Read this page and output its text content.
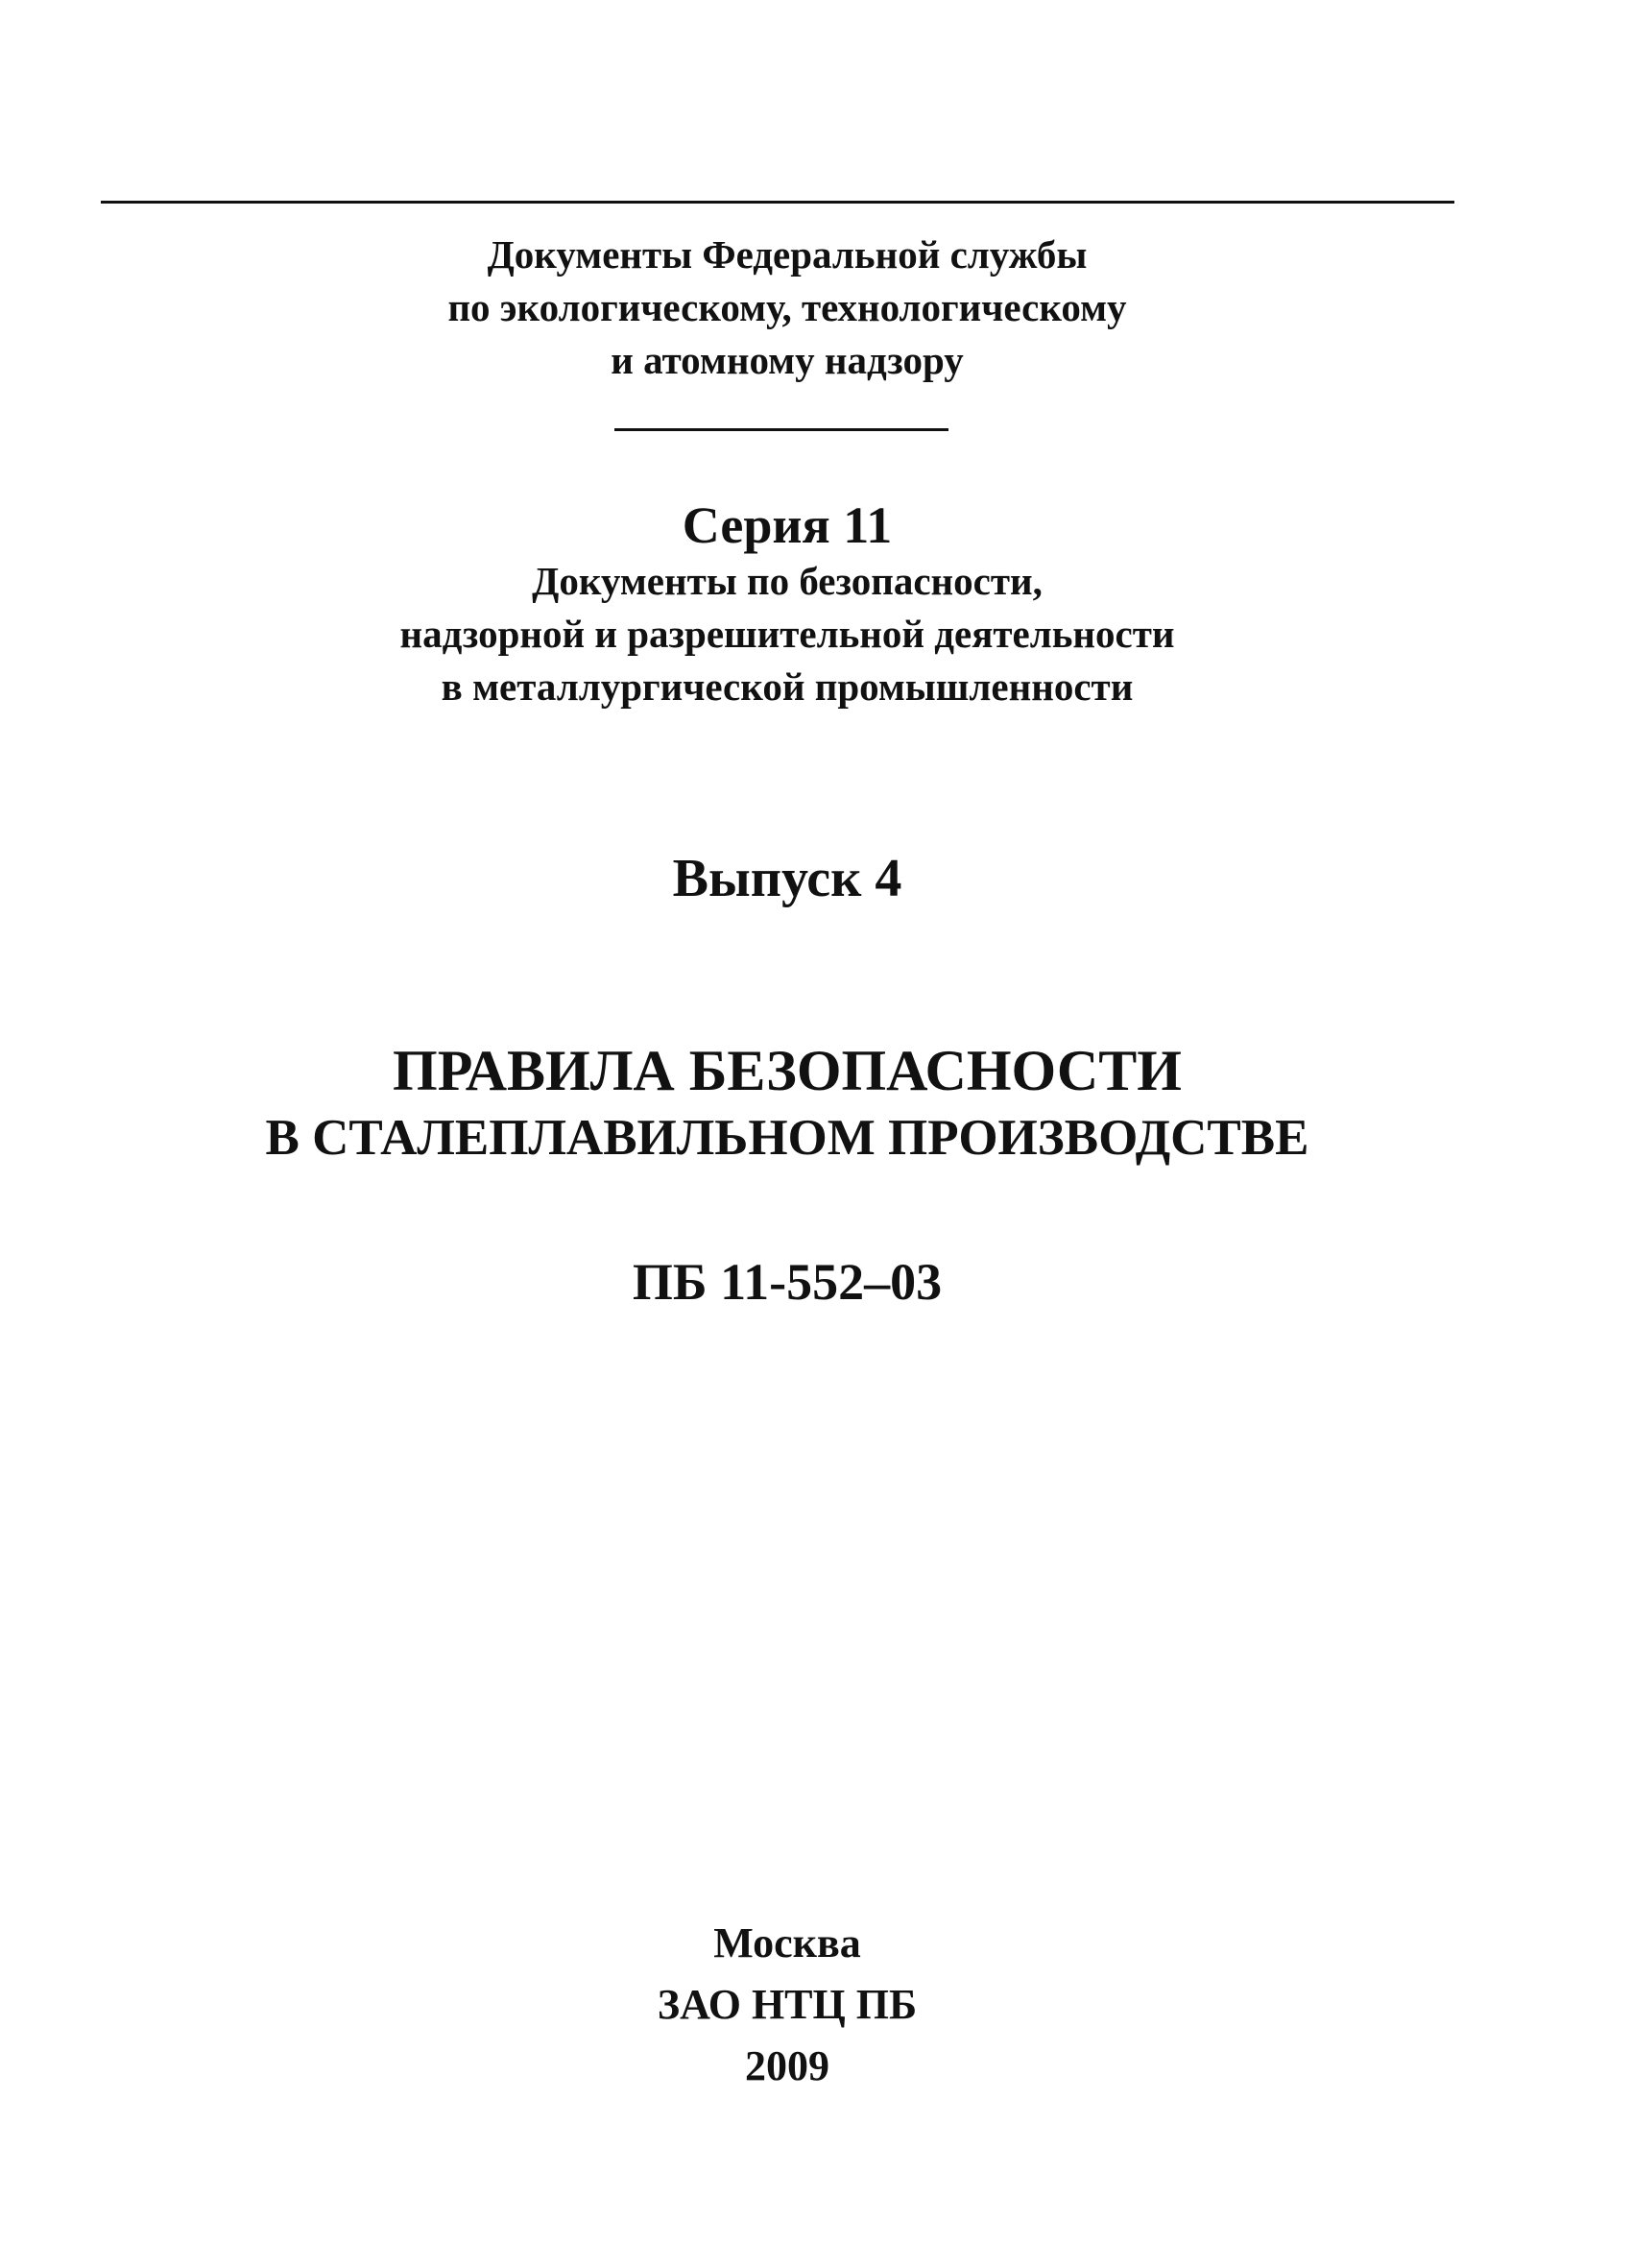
Документы Федеральной службы
по экологическому, технологическому
и атомному надзору
Серия 11
Документы по безопасности,
надзорной и разрешительной деятельности
в металлургической промышленности
Выпуск 4
ПРАВИЛА БЕЗОПАСНОСТИ
В СТАЛЕПЛАВИЛЬНОМ ПРОИЗВОДСТВЕ
ПБ 11-552–03
Москва
ЗАО НТЦ ПБ
2009
